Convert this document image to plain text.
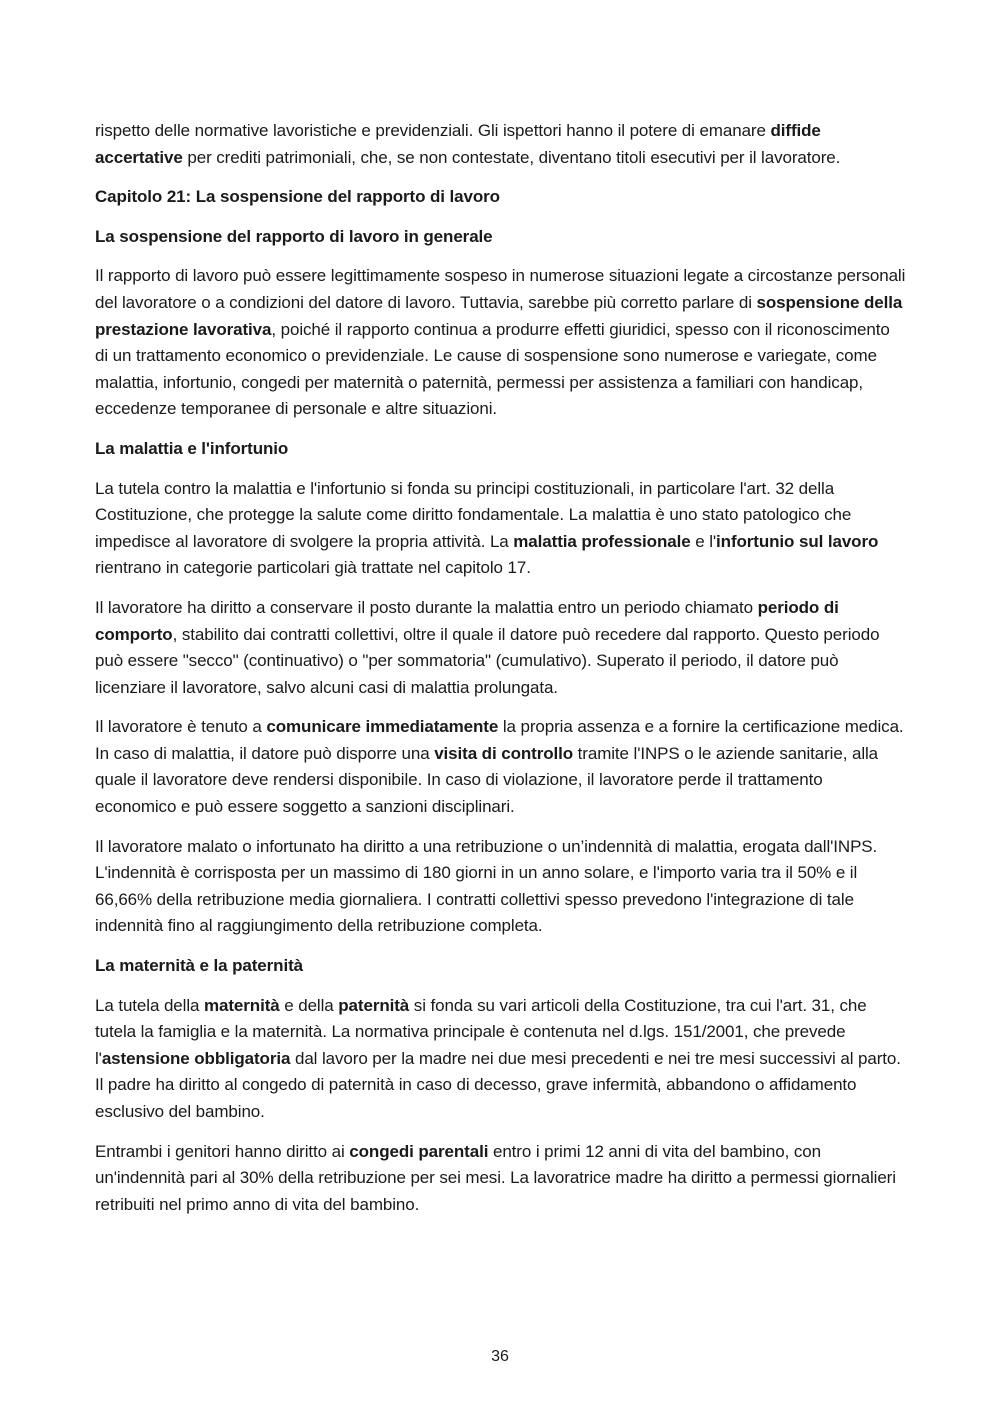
rispetto delle normative lavoristiche e previdenziali. Gli ispettori hanno il potere di emanare diffide accertative per crediti patrimoniali, che, se non contestate, diventano titoli esecutivi per il lavoratore.

Capitolo 21: La sospensione del rapporto di lavoro

La sospensione del rapporto di lavoro in generale

Il rapporto di lavoro può essere legittimamente sospeso in numerose situazioni legate a circostanze personali del lavoratore o a condizioni del datore di lavoro. Tuttavia, sarebbe più corretto parlare di sospensione della prestazione lavorativa, poiché il rapporto continua a produrre effetti giuridici, spesso con il riconoscimento di un trattamento economico o previdenziale. Le cause di sospensione sono numerose e variegate, come malattia, infortunio, congedi per maternità o paternità, permessi per assistenza a familiari con handicap, eccedenze temporanee di personale e altre situazioni.

La malattia e l'infortunio

La tutela contro la malattia e l'infortunio si fonda su principi costituzionali, in particolare l'art. 32 della Costituzione, che protegge la salute come diritto fondamentale. La malattia è uno stato patologico che impedisce al lavoratore di svolgere la propria attività. La malattia professionale e l'infortunio sul lavoro rientrano in categorie particolari già trattate nel capitolo 17.

Il lavoratore ha diritto a conservare il posto durante la malattia entro un periodo chiamato periodo di comporto, stabilito dai contratti collettivi, oltre il quale il datore può recedere dal rapporto. Questo periodo può essere "secco" (continuativo) o "per sommatoria" (cumulativo). Superato il periodo, il datore può licenziare il lavoratore, salvo alcuni casi di malattia prolungata.

Il lavoratore è tenuto a comunicare immediatamente la propria assenza e a fornire la certificazione medica. In caso di malattia, il datore può disporre una visita di controllo tramite l'INPS o le aziende sanitarie, alla quale il lavoratore deve rendersi disponibile. In caso di violazione, il lavoratore perde il trattamento economico e può essere soggetto a sanzioni disciplinari.

Il lavoratore malato o infortunato ha diritto a una retribuzione o un’indennità di malattia, erogata dall'INPS. L'indennità è corrisposta per un massimo di 180 giorni in un anno solare, e l'importo varia tra il 50% e il 66,66% della retribuzione media giornaliera. I contratti collettivi spesso prevedono l'integrazione di tale indennità fino al raggiungimento della retribuzione completa.

La maternità e la paternità

La tutela della maternità e della paternità si fonda su vari articoli della Costituzione, tra cui l'art. 31, che tutela la famiglia e la maternità. La normativa principale è contenuta nel d.lgs. 151/2001, che prevede l'astensione obbligatoria dal lavoro per la madre nei due mesi precedenti e nei tre mesi successivi al parto. Il padre ha diritto al congedo di paternità in caso di decesso, grave infermità, abbandono o affidamento esclusivo del bambino.

Entrambi i genitori hanno diritto ai congedi parentali entro i primi 12 anni di vita del bambino, con un'indennità pari al 30% della retribuzione per sei mesi. La lavoratrice madre ha diritto a permessi giornalieri retribuiti nel primo anno di vita del bambino.

36
